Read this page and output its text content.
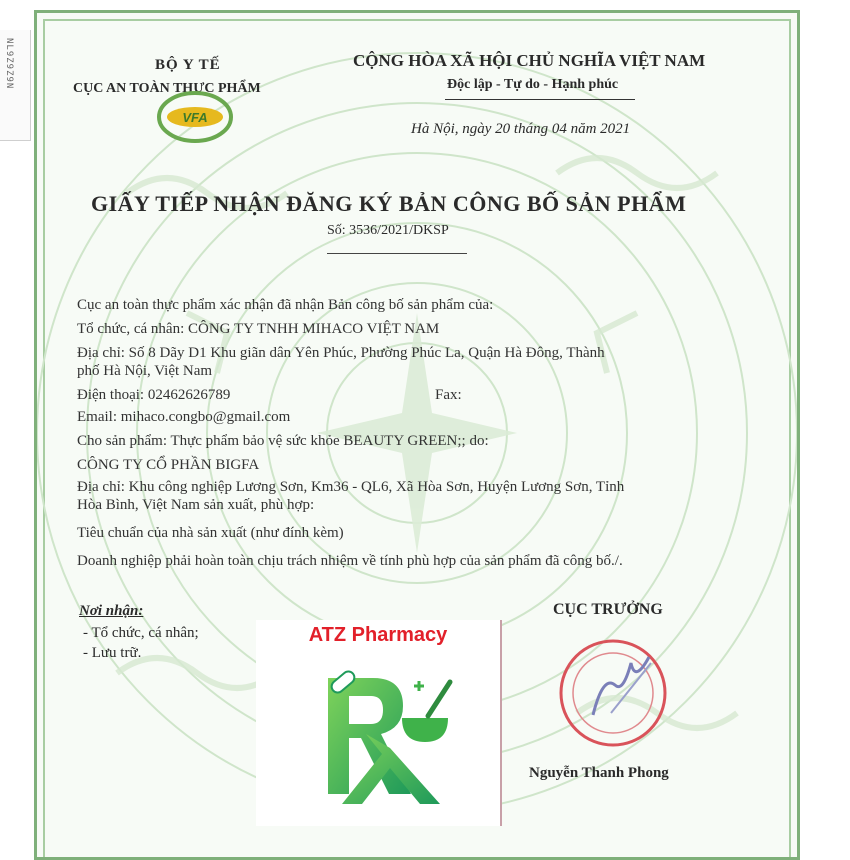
NL9Z9Z9N	BỘ Y TẾ
CỤC AN TOÀN THỰC PHẨM
VFA
CỘNG HÒA XÃ HỘI CHỦ NGHĨA VIỆT NAM
Độc lập - Tự do - Hạnh phúc
Hà Nội, ngày 20 tháng 04 năm 2021
GIẤY TIẾP NHẬN ĐĂNG KÝ BẢN CÔNG BỐ SẢN PHẨM
Số: 3536/2021/DKSP
Cục an toàn thực phẩm xác nhận đã nhận Bản công bố sản phẩm của:
Tổ chức, cá nhân: CÔNG TY TNHH MIHACO VIỆT NAM
Địa chỉ: Số 8 Dãy D1 Khu giãn dân Yên Phúc, Phường Phúc La, Quận Hà Đông, Thành
phố Hà Nội, Việt Nam
Điện thoại: 02462626789	Fax:
Email: mihaco.congbo@gmail.com
Cho sản phẩm: Thực phẩm bảo vệ sức khỏe BEAUTY GREEN;; do:
CÔNG TY CỔ PHẦN BIGFA
Địa chỉ: Khu công nghiệp Lương Sơn, Km36 - QL6, Xã Hòa Sơn, Huyện Lương Sơn, Tỉnh
Hòa Bình, Việt Nam sản xuất, phù hợp:
Tiêu chuẩn của nhà sản xuất (như đính kèm)
Doanh nghiệp phải hoàn toàn chịu trách nhiệm về tính phù hợp của sản phẩm đã công bố./.
Nơi nhận:
- Tổ chức, cá nhân;
- Lưu trữ.
CỤC TRƯỞNG
Nguyễn Thanh Phong
ATZ Pharmacy
